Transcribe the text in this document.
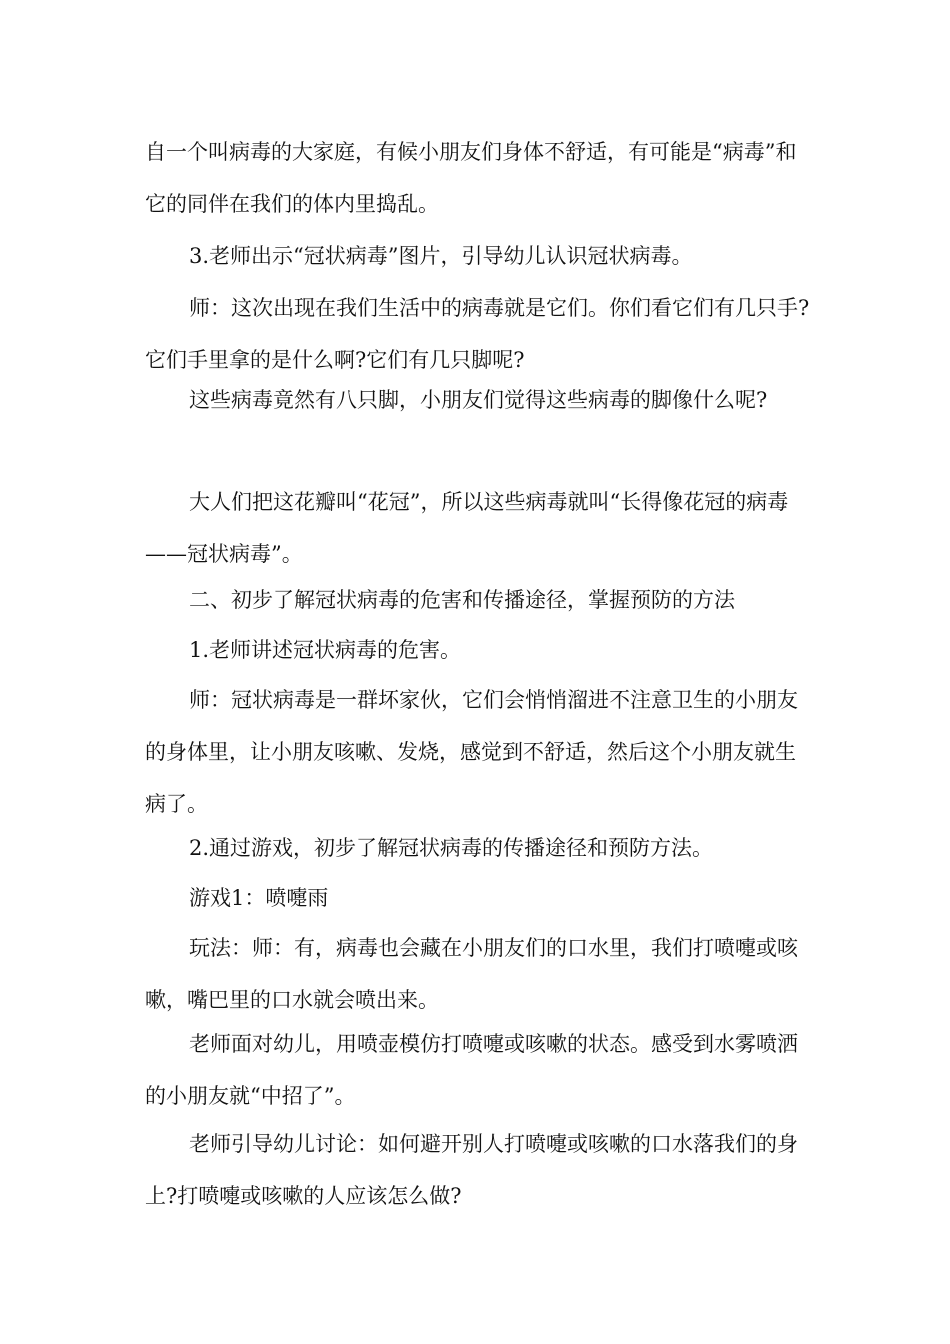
自一个叫病毒的大家庭，有候小朋友们身体不舒适，有可能是“病毒”和它的同伴在我们的体内里捣乱。

3.老师出示“冠状病毒”图片，引导幼儿认识冠状病毒。

师：这次出现在我们生活中的病毒就是它们。你们看它们有几只手?它们手里拿的是什么啊?它们有几只脚呢?

这些病毒竟然有八只脚，小朋友们觉得这些病毒的脚像什么呢?

大人们把这花瓣叫“花冠”，所以这些病毒就叫“长得像花冠的病毒——冠状病毒”。

二、初步了解冠状病毒的危害和传播途径，掌握预防的方法

1.老师讲述冠状病毒的危害。

师：冠状病毒是一群坏家伙，它们会悄悄溜进不注意卫生的小朋友的身体里，让小朋友咳嗽、发烧，感觉到不舒适，然后这个小朋友就生病了。

2.通过游戏，初步了解冠状病毒的传播途径和预防方法。

游戏1：喷嚏雨

玩法：师：有，病毒也会藏在小朋友们的口水里，我们打喷嚏或咳嗽，嘴巴里的口水就会喷出来。

老师面对幼儿，用喷壶模仿打喷嚏或咳嗽的状态。感受到水雾喷洒的小朋友就“中招了”。

老师引导幼儿讨论：如何避开别人打喷嚏或咳嗽的口水落我们的身上?打喷嚏或咳嗽的人应该怎么做?
